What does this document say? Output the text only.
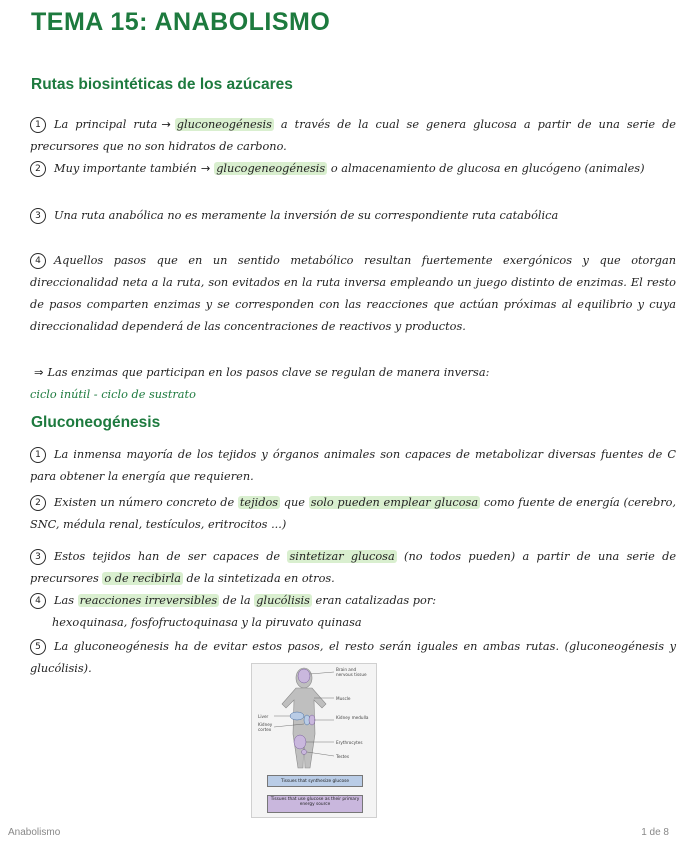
TEMA 15: ANABOLISMO
Rutas biosintéticas de los azúcares

1 La principal ruta → gluconeogénesis a través de la cual se genera glucosa a partir de una serie de precursores que no son hidratos de carbono.

2 Muy importante también → glucogeneogénesis o almacenamiento de glucosa en glucógeno (animales)

3 Una ruta anabólica no es meramente la inversión de su correspondiente ruta catabólica

4 Aquellos pasos que en un sentido metabólico resultan fuertemente exergónicos y que otorgan direccionalidad neta a la ruta, son evitados en la ruta inversa empleando un juego distinto de enzimas. El resto de pasos comparten enzimas y se corresponden con las reacciones que actúan próximas al equilibrio y cuya direccionalidad dependerá de las concentraciones de reactivos y productos.

⇒ Las enzimas que participan en los pasos clave se regulan de manera inversa:
ciclo inútil - ciclo de sustrato

Gluconeogénesis

1 La inmensa mayoría de los tejidos y órganos animales son capaces de metabolizar diversas fuentes de C para obtener la energía que requieren.

2 Existen un número concreto de tejidos que solo pueden emplear glucosa como fuente de energía (cerebro, SNC, médula renal, testículos, eritrocitos ...)

3 Estos tejidos han de ser capaces de sintetizar glucosa (no todos pueden) a partir de una serie de precursores o de recibirla de la sintetizada en otros.

4 Las reacciones irreversibles de la glucólisis eran catalizadas por:
hexoquinasa, fosfofructoquinasa y la piruvato quinasa

5 La gluconeogénesis ha de evitar estos pasos, el resto serán iguales en ambas rutas. (gluconeogénesis y glucólisis).	Brain and nervous tissue
Muscle
Liver	Kidney medulla
Kidney cortex
Erythrocytes
Testes
Tissues that synthesize glucose
Tissues that use glucose as their primary energy source
Anabolismo	1 de 8
